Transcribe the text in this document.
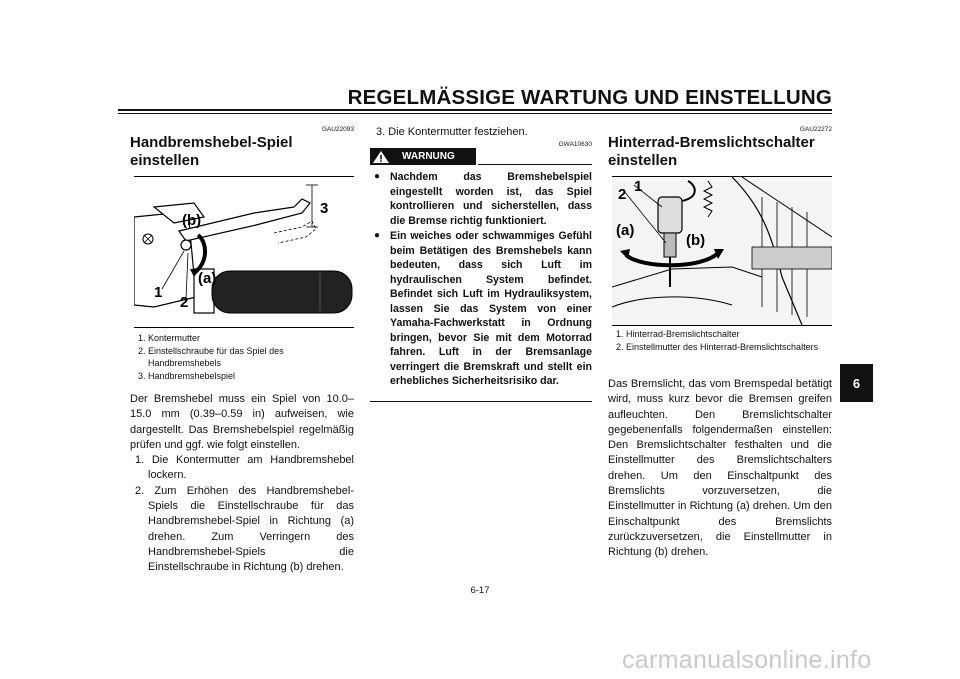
REGELMÄSSIGE WARTUNG UND EINSTELLUNG
6
GAU22093
Handbremshebel-Spiel
einstellen
(b)
(a)
1
2
3
1. Kontermutter
2. Einstellschraube für das Spiel des Handbremshebels
3. Handbremshebelspiel
Der Bremshebel muss ein Spiel von 10.0–15.0 mm (0.39–0.59 in) aufweisen, wie dargestellt. Das Bremshebelspiel regelmäßig prüfen und ggf. wie folgt einstellen.
1. Die Kontermutter am Handbremshebel lockern.
2. Zum Erhöhen des Handbremshebel-Spiels die Einstellschraube für das Handbremshebel-Spiel in Richtung (a) drehen. Zum Verringern des Handbremshebel-Spiels die Einstellschraube in Richtung (b) drehen.
3. Die Kontermutter festziehen.
GWA10630
WARNUNG
● Nachdem das Bremshebelspiel eingestellt worden ist, das Spiel kontrollieren und sicherstellen, dass die Bremse richtig funktioniert.
● Ein weiches oder schwammiges Gefühl beim Betätigen des Bremshebels kann bedeuten, dass sich Luft im hydraulischen System befindet. Befindet sich Luft im Hydrauliksystem, lassen Sie das System von einer Yamaha-Fachwerkstatt in Ordnung bringen, bevor Sie mit dem Motorrad fahren. Luft in der Bremsanlage verringert die Bremskraft und stellt ein erhebliches Sicherheitsrisiko dar.
GAU22272
Hinterrad-Bremslichtschalter
einstellen
1
2
(a)
(b)
1. Hinterrad-Bremslichtschalter
2. Einstellmutter des Hinterrad-Bremslichtschalters
Das Bremslicht, das vom Bremspedal betätigt wird, muss kurz bevor die Bremsen greifen aufleuchten. Den Bremslichtschalter gegebenenfalls folgendermaßen einstellen: Den Bremslichtschalter festhalten und die Einstellmutter des Bremslichtschalters drehen. Um den Einschaltpunkt des Bremslichts vorzuversetzen, die Einstellmutter in Richtung (a) drehen. Um den Einschaltpunkt des Bremslichts zurückzuversetzen, die Einstellmutter in Richtung (b) drehen.
6-17
carmanualsonline.info
